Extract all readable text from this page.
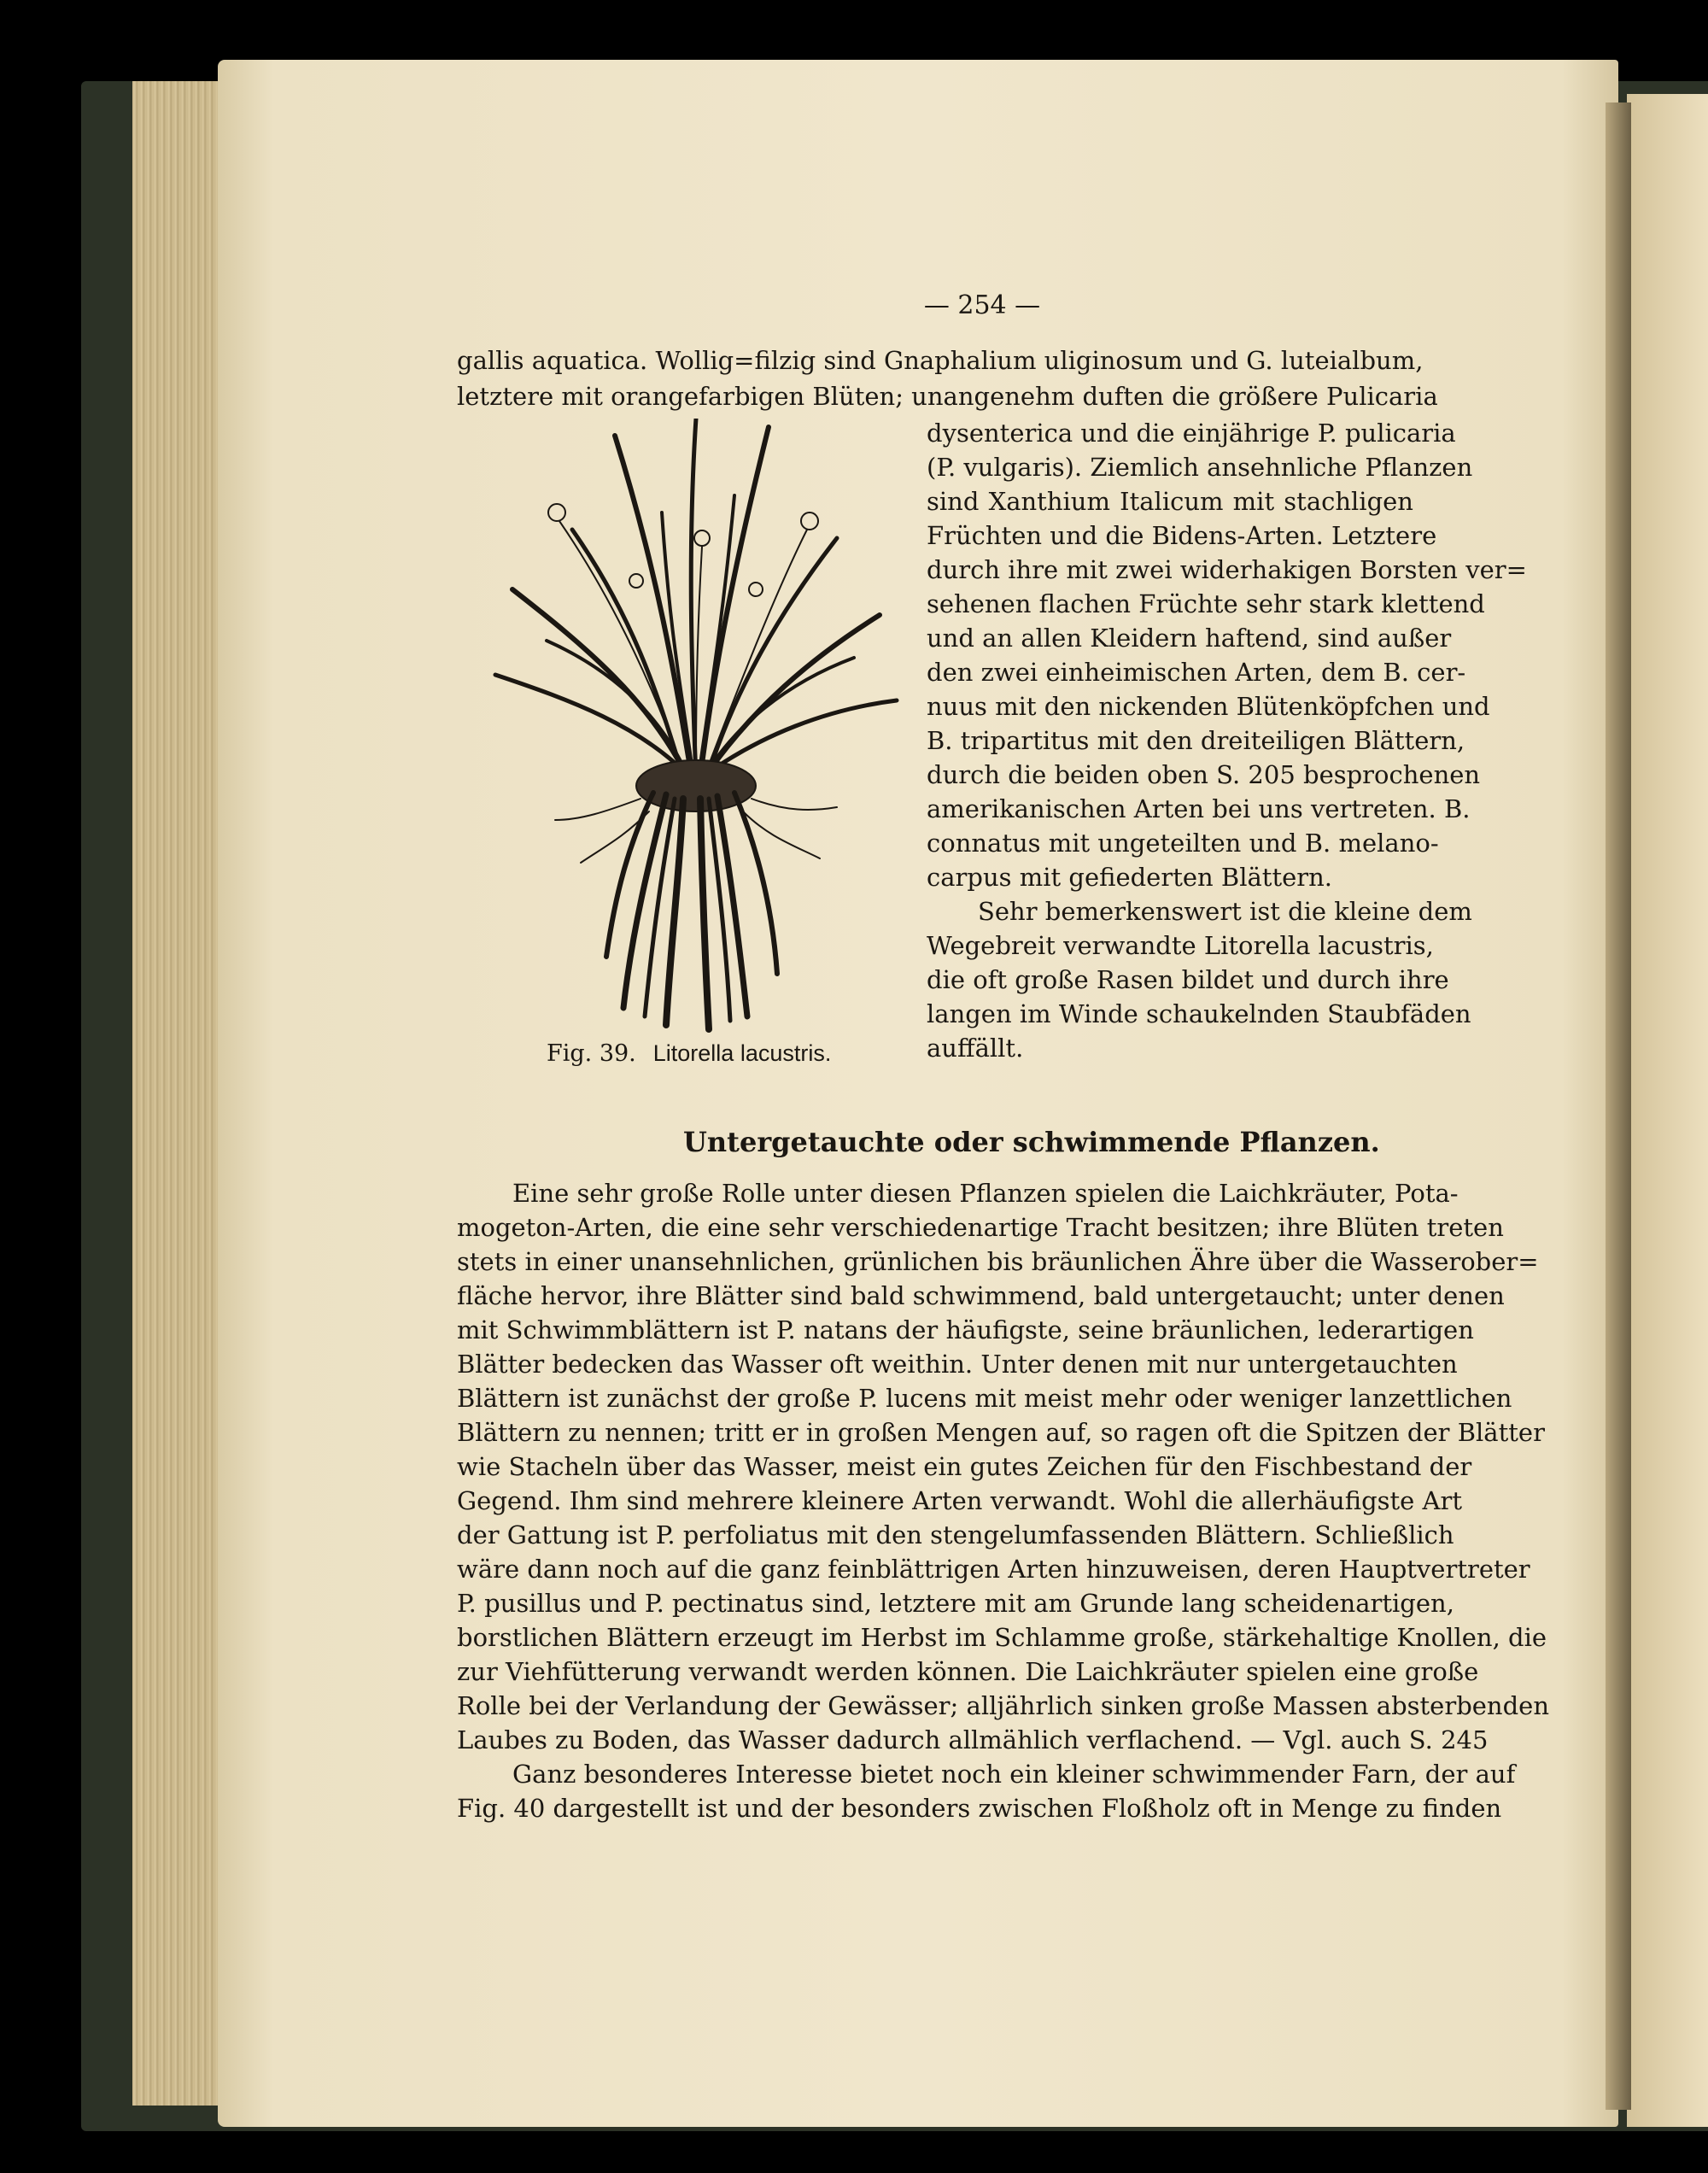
— 254 —
gallis aquatica. Wollig=filzig sind Gnaphalium uliginosum und G. luteialbum,
letztere mit orangefarbigen Blüten; unangenehm duften die größere Pulicaria
dysenterica und die einjährige P. pulicaria
(P. vulgaris). Ziemlich ansehnliche Pflanzen
sind Xanthium Italicum mit stachligen
Früchten und die Bidens-Arten. Letztere
durch ihre mit zwei widerhakigen Borsten ver=
sehenen flachen Früchte sehr stark klettend
und an allen Kleidern haftend, sind außer
den zwei einheimischen Arten, dem B. cer-
nuus mit den nickenden Blütenköpfchen und
B. tripartitus mit den dreiteiligen Blättern,
durch die beiden oben S. 205 besprochenen
amerikanischen Arten bei uns vertreten. B.
connatus mit ungeteilten und B. melano-
carpus mit gefiederten Blättern.
Sehr bemerkenswert ist die kleine dem
Wegebreit verwandte Litorella lacustris,
die oft große Rasen bildet und durch ihre
langen im Winde schaukelnden Staubfäden
auffällt.
Fig. 39. Litorella lacustris.
Untergetauchte oder schwimmende Pflanzen.
Eine sehr große Rolle unter diesen Pflanzen spielen die Laichkräuter, Pota-
mogeton-Arten, die eine sehr verschiedenartige Tracht besitzen; ihre Blüten treten
stets in einer unansehnlichen, grünlichen bis bräunlichen Ähre über die Wasserober=
fläche hervor, ihre Blätter sind bald schwimmend, bald untergetaucht; unter denen
mit Schwimmblättern ist P. natans der häufigste, seine bräunlichen, lederartigen
Blätter bedecken das Wasser oft weithin. Unter denen mit nur untergetauchten
Blättern ist zunächst der große P. lucens mit meist mehr oder weniger lanzettlichen
Blättern zu nennen; tritt er in großen Mengen auf, so ragen oft die Spitzen der Blätter
wie Stacheln über das Wasser, meist ein gutes Zeichen für den Fischbestand der
Gegend. Ihm sind mehrere kleinere Arten verwandt. Wohl die allerhäufigste Art
der Gattung ist P. perfoliatus mit den stengelumfassenden Blättern. Schließlich
wäre dann noch auf die ganz feinblättrigen Arten hinzuweisen, deren Hauptvertreter
P. pusillus und P. pectinatus sind, letztere mit am Grunde lang scheidenartigen,
borstlichen Blättern erzeugt im Herbst im Schlamme große, stärkehaltige Knollen, die
zur Viehfütterung verwandt werden können. Die Laichkräuter spielen eine große
Rolle bei der Verlandung der Gewässer; alljährlich sinken große Massen absterbenden
Laubes zu Boden, das Wasser dadurch allmählich verflachend. — Vgl. auch S. 245
Ganz besonderes Interesse bietet noch ein kleiner schwimmender Farn, der auf
Fig. 40 dargestellt ist und der besonders zwischen Floßholz oft in Menge zu finden
